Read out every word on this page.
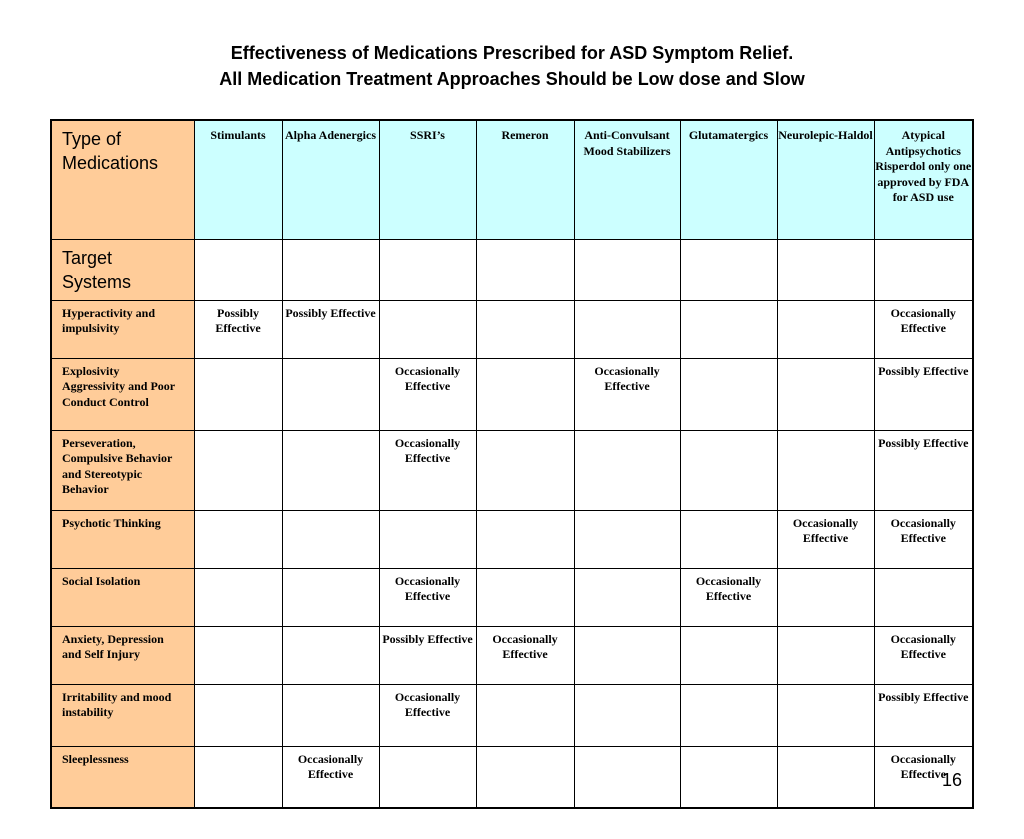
Effectiveness of Medications Prescribed for ASD Symptom Relief.
All Medication Treatment Approaches Should be Low dose and Slow
Type of Medications	Stimulants	Alpha Adenergics	SSRI’s	Remeron	Anti-Convulsant Mood Stabilizers	Glutamatergics	Neurolepic-Haldol	Atypical Antipsychotics Risperdol only one approved by FDA for ASD use
Target Systems								
Hyperactivity and impulsivity	Possibly Effective	Possibly Effective						Occasionally Effective
Explosivity Aggressivity and Poor Conduct Control			Occasionally Effective		Occasionally Effective			Possibly Effective
Perseveration, Compulsive Behavior and Stereotypic Behavior			Occasionally Effective					Possibly Effective
Psychotic Thinking							Occasionally Effective	Occasionally Effective
Social Isolation			Occasionally Effective			Occasionally Effective		
Anxiety, Depression and Self Injury			Possibly Effective	Occasionally Effective				Occasionally Effective
Irritability and mood instability			Occasionally Effective					Possibly Effective
Sleeplessness		Occasionally Effective						Occasionally Effective
16
